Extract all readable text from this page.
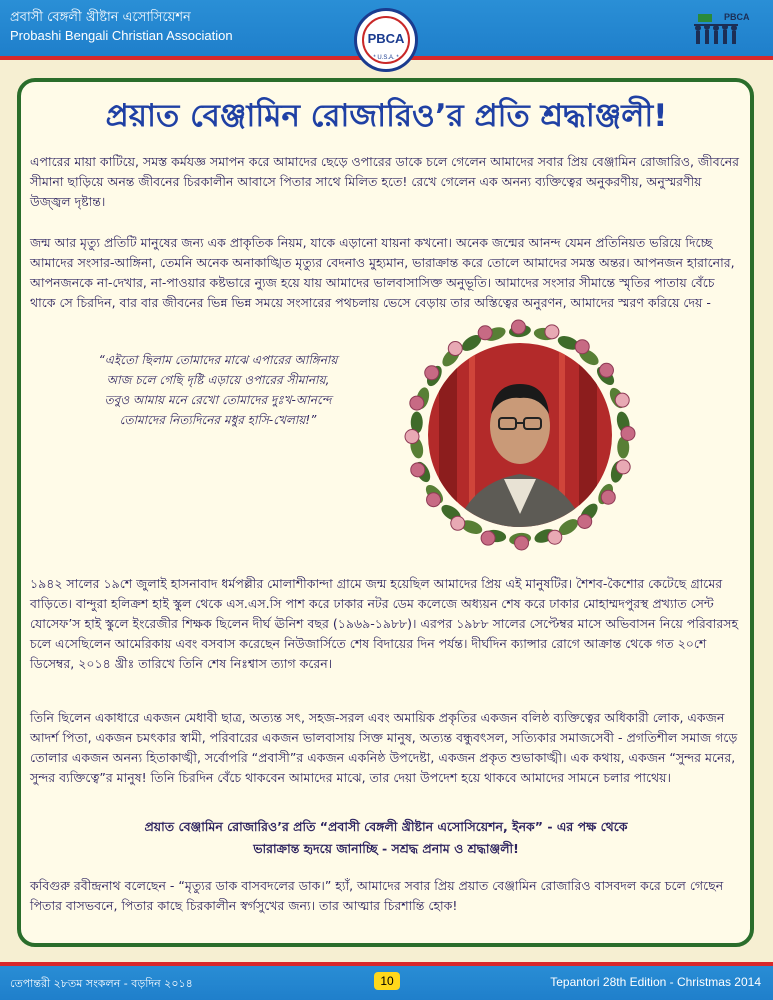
প্রবাসী বেঙ্গলী খ্রীষ্টান এসোসিয়েশন
Probashi Bengali Christian Association	PBCA
* U.S.A. *
PBCA
প্রয়াত বেঞ্জামিন রোজারিও’র প্রতি শ্রদ্ধাঞ্জলী!

এপারের মায়া কাটিয়ে, সমস্ত কর্মযজ্ঞ সমাপন করে আমাদের ছেড়ে ওপারের ডাকে চলে গেলেন আমাদের সবার প্রিয় বেঞ্জামিন রোজারিও, জীবনের সীমানা ছাড়িয়ে অনন্ত জীবনের চিরকালীন আবাসে পিতার সাথে মিলিত হতে! রেখে গেলেন এক অনন্য ব্যক্তিত্বের অনুকরণীয়, অনুস্মরণীয় উজ্জ্বল দৃষ্টান্ত।

জন্ম আর মৃত্যু প্রতিটি মানুষের জন্য এক প্রাকৃতিক নিয়ম, যাকে এড়ানো যায়না কখনো। অনেক জন্মের আনন্দ যেমন প্রতিনিয়ত ভরিয়ে দিচ্ছে আমাদের সংসার-আঙ্গিনা, তেমনি অনেক অনাকাঙ্খিত মৃত্যুর বেদনাও মুহ্যমান, ভারাক্রান্ত করে তোলে আমাদের সমস্ত অন্তর। আপনজন হারানোর, আপনজনকে না-দেখার, না-পাওয়ার কষ্টভারে ন্যুজ হয়ে যায় আমাদের ভালবাসাসিক্ত অনুভূতি। আমাদের সংসার সীমান্তে স্মৃতির পাতায় বেঁচে থাকে সে চিরদিন, বার বার জীবনের ভিন্ন ভিন্ন সময়ে সংসারের পথচলায় ভেসে বেড়ায় তার অস্তিত্বের অনুরণন, আমাদের স্মরণ করিয়ে দেয় -

“এইতো ছিলাম তোমাদের মাঝে এপারের আঙ্গিনায়
আজ চলে গেছি দৃষ্টি এড়ায়ে ওপারের সীমানায়,
তবুও আমায় মনে রেখো তোমাদের দুঃখ-আনন্দে
তোমাদের নিত্যদিনের মধুর হাসি-খেলায়!”

১৯৪২ সালের ১৯শে জুলাই হাসনাবাদ ধর্মপল্লীর মোলাশীকান্দা গ্রামে জন্ম হয়েছিল আমাদের প্রিয় এই মানুষটির। শৈশব-কৈশোর কেটেছে গ্রামের বাড়িতে। বান্দুরা হলিক্রশ হাই স্কুল থেকে এস.এস.সি পাশ করে ঢাকার নটর ডেম কলেজে অধ্যয়ন শেষ করে ঢাকার মোহাম্মদপুরস্থ প্রখ্যাত সেন্ট যোসেফ’স হাই স্কুলে ইংরেজীর শিক্ষক ছিলেন দীর্ঘ ঊনিশ বছর (১৯৬৯-১৯৮৮)। এরপর ১৯৮৮ সালের সেপ্টেম্বর মাসে অভিবাসন নিয়ে পরিবারসহ চলে এসেছিলেন আমেরিকায় এবং বসবাস করেছেন নিউজার্সিতে শেষ বিদায়ের দিন পর্যন্ত। দীর্ঘদিন ক্যান্সার রোগে আক্রান্ত থেকে গত ২০শে ডিসেম্বর, ২০১৪ খ্রীঃ তারিখে তিনি শেষ নিঃশ্বাস ত্যাগ করেন।

তিনি ছিলেন একাধারে একজন মেধাবী ছাত্র, অত্যন্ত সৎ, সহজ-সরল এবং অমায়িক প্রকৃতির একজন বলিষ্ঠ ব্যক্তিত্বের অধিকারী লোক, একজন আদর্শ পিতা, একজন চমৎকার স্বামী, পরিবারের একজন ভালবাসায় সিক্ত মানুষ, অত্যন্ত বন্ধুবৎসল, সত্যিকার সমাজসেবী - প্রগতিশীল সমাজ গড়ে তোলার একজন অনন্য হিতাকাঙ্খী, সর্বোপরি “প্রবাসী”র একজন একনিষ্ঠ উপদেষ্টা, একজন প্রকৃত শুভাকাঙ্খী। এক কথায়, একজন “সুন্দর মনের, সুন্দর ব্যক্তিত্বে”র মানুষ! তিনি চিরদিন বেঁচে থাকবেন আমাদের মাঝে, তার দেয়া উপদেশ হয়ে থাকবে আমাদের সামনে চলার পাথেয়।

প্রয়াত বেঞ্জামিন রোজারিও’র প্রতি “প্রবাসী বেঙ্গলী খ্রীষ্টান এসোসিয়েশন, ইনক” - এর পক্ষ থেকে
ভারাক্রান্ত হৃদয়ে জানাচ্ছি - সশ্রদ্ধ প্রনাম ও শ্রদ্ধাঞ্জলী!

কবিগুরু রবীন্দ্রনাথ বলেছেন - “মৃত্যুর ডাক বাসবদলের ডাক।” হ্যাঁ, আমাদের সবার প্রিয় প্রয়াত বেঞ্জামিন রোজারিও বাসবদল করে চলে গেছেন পিতার বাসভবনে, পিতার কাছে চিরকালীন স্বর্গসুখের জন্য। তার আত্মার চিরশান্তি হোক!

তেপান্তরী ২৮তম সংকলন - বড়দিন ২০১৪	10	Tepantori 28th Edition - Christmas 2014
